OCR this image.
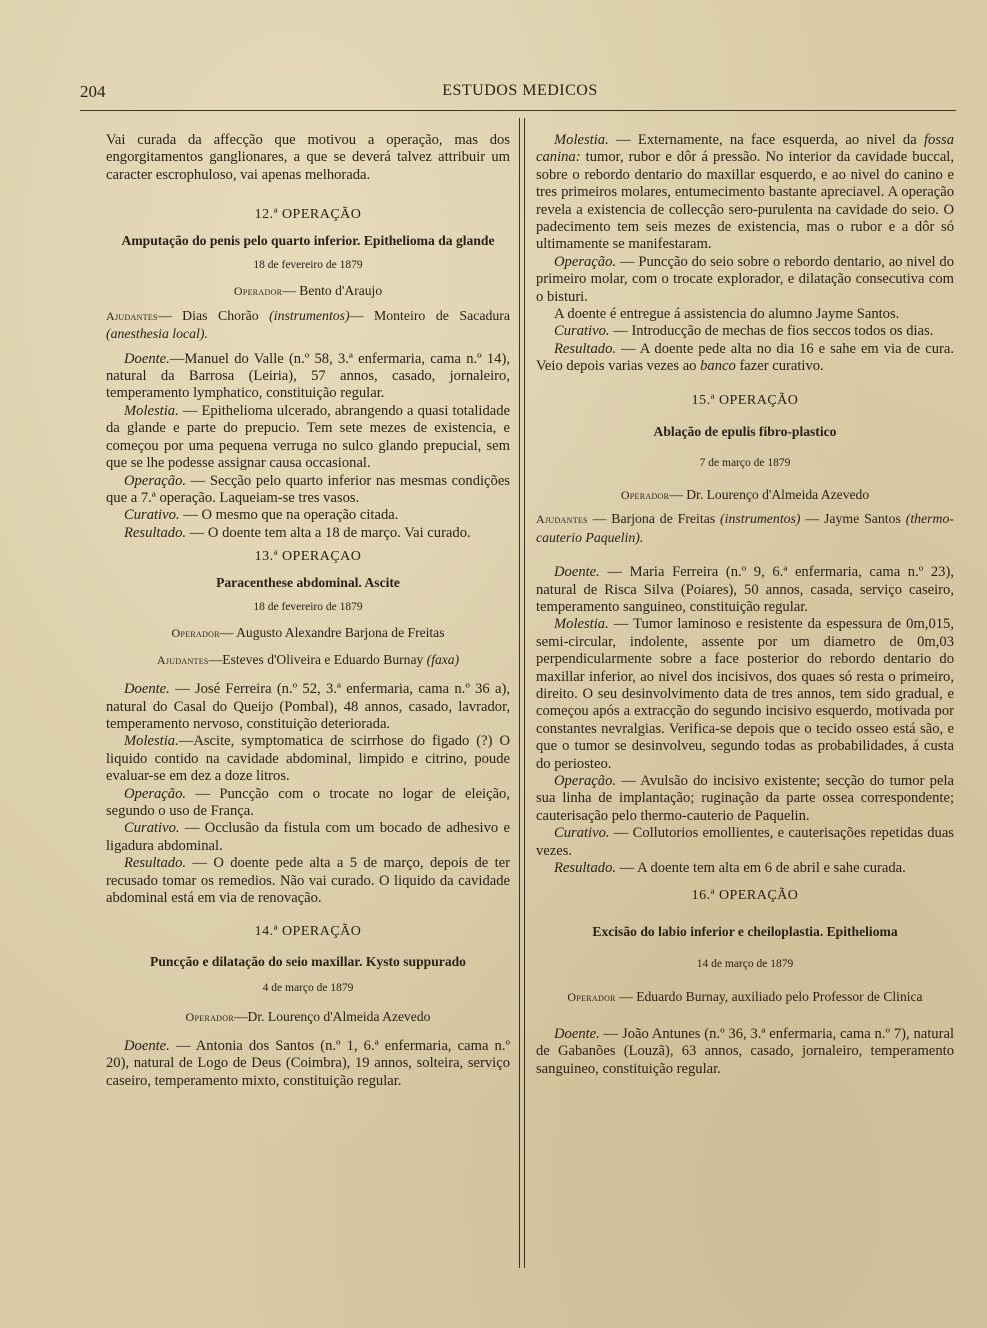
204	ESTUDOS MEDICOS

Vai curada da affecção que motivou a operação, mas dos engorgitamentos ganglionares, a que se deverá talvez attribuir um caracter escrophuloso, vai apenas melhorada.

12.ª OPERAÇÃO
Amputação do penis pelo quarto inferior. Epithelioma da glande
18 de fevereiro de 1879
Operador— Bento d'Araujo

Ajudantes— Dias Chorão (instrumentos)— Monteiro de Sacadura (anesthesia local).

Doente.—Manuel do Valle (n.º 58, 3.ª enfermaria, cama n.º 14), natural da Barrosa (Leiria), 57 annos, casado, jornaleiro, temperamento lymphatico, constituição regular.

Molestia. — Epithelioma ulcerado, abrangendo a quasi totalidade da glande e parte do prepucio. Tem sete mezes de existencia, e começou por uma pequena verruga no sulco glando prepucial, sem que se lhe podesse assignar causa occasional.

Operação. — Secção pelo quarto inferior nas mesmas condições que a 7.ª operação. Laqueiam-se tres vasos.

Curativo. — O mesmo que na operação citada.

Resultado. — O doente tem alta a 18 de março. Vai curado.

13.ª OPERAÇAO
Paracenthese abdominal. Ascite
18 de fevereiro de 1879
Operador— Augusto Alexandre Barjona de Freitas
Ajudantes—Esteves d'Oliveira e Eduardo Burnay (faxa)

Doente. — José Ferreira (n.º 52, 3.ª enfermaria, cama n.º 36 a), natural do Casal do Queijo (Pombal), 48 annos, casado, lavrador, temperamento nervoso, constituição deteriorada.

Molestia.—Ascite, symptomatica de scirrhose do figado (?) O liquido contido na cavidade abdominal, limpido e citrino, poude evaluar-se em dez a doze litros.

Operação. — Puncção com o trocate no logar de eleição, segundo o uso de França.

Curativo. — Occlusão da fistula com um bocado de adhesivo e ligadura abdominal.

Resultado. — O doente pede alta a 5 de março, depois de ter recusado tomar os remedios. Não vai curado. O liquido da cavidade abdominal está em via de renovação.

14.ª OPERAÇÃO
Puncção e dilatação do seio maxillar. Kysto suppurado
4 de março de 1879
Operador—Dr. Lourenço d'Almeida Azevedo

Doente. — Antonia dos Santos (n.º 1, 6.ª enfermaria, cama n.º 20), natural de Logo de Deus (Coimbra), 19 annos, solteira, serviço caseiro, temperamento mixto, constituição regular.

Molestia. — Externamente, na face esquerda, ao nivel da fossa canina: tumor, rubor e dôr á pressão. No interior da cavidade buccal, sobre o rebordo dentario do maxillar esquerdo, e ao nivel do canino e tres primeiros molares, entumecimento bastante apreciavel. A operação revela a existencia de collecção sero-purulenta na cavidade do seio. O padecimento tem seis mezes de existencia, mas o rubor e a dôr só ultimamente se manifestaram.

Operação. — Puncção do seio sobre o rebordo dentario, ao nivel do primeiro molar, com o trocate explorador, e dilatação consecutiva com o bisturi.

A doente é entregue á assistencia do alumno Jayme Santos.

Curativo. — Introducção de mechas de fios seccos todos os dias.

Resultado. — A doente pede alta no dia 16 e sahe em via de cura. Veio depois varias vezes ao banco fazer curativo.

15.ª OPERAÇÃO
Ablação de epulis fibro-plastico
7 de março de 1879
Operador— Dr. Lourenço d'Almeida Azevedo

Ajudantes — Barjona de Freitas (instrumentos) — Jayme Santos (thermo-cauterio Paquelin).

Doente. — Maria Ferreira (n.º 9, 6.ª enfermaria, cama n.º 23), natural de Risca Silva (Poiares), 50 annos, casada, serviço caseiro, temperamento sanguineo, constituição regular.

Molestia. — Tumor laminoso e resistente da espessura de 0m,015, semi-circular, indolente, assente por um diametro de 0m,03 perpendicularmente sobre a face posterior do rebordo dentario do maxillar inferior, ao nivel dos incisivos, dos quaes só resta o primeiro, direito. O seu desinvolvimento data de tres annos, tem sido gradual, e começou após a extracção do segundo incisivo esquerdo, motivada por constantes nevralgias. Verifica-se depois que o tecido osseo está são, e que o tumor se desinvolveu, segundo todas as probabilidades, á custa do periosteo.

Operação. — Avulsão do incisivo existente; secção do tumor pela sua linha de implantação; ruginação da parte ossea correspondente; cauterisação pelo thermo-cauterio de Paquelin.

Curativo. — Collutorios emollientes, e cauterisações repetidas duas vezes.

Resultado. — A doente tem alta em 6 de abril e sahe curada.

16.ª OPERAÇÃO
Excisão do labio inferior e cheiloplastia. Epithelioma
14 de março de 1879
Operador — Eduardo Burnay, auxiliado pelo Professor de Clinica

Doente. — João Antunes (n.º 36, 3.ª enfermaria, cama n.º 7), natural de Gabanões (Louzã), 63 annos, casado, jornaleiro, temperamento sanguineo, constituição regular.
